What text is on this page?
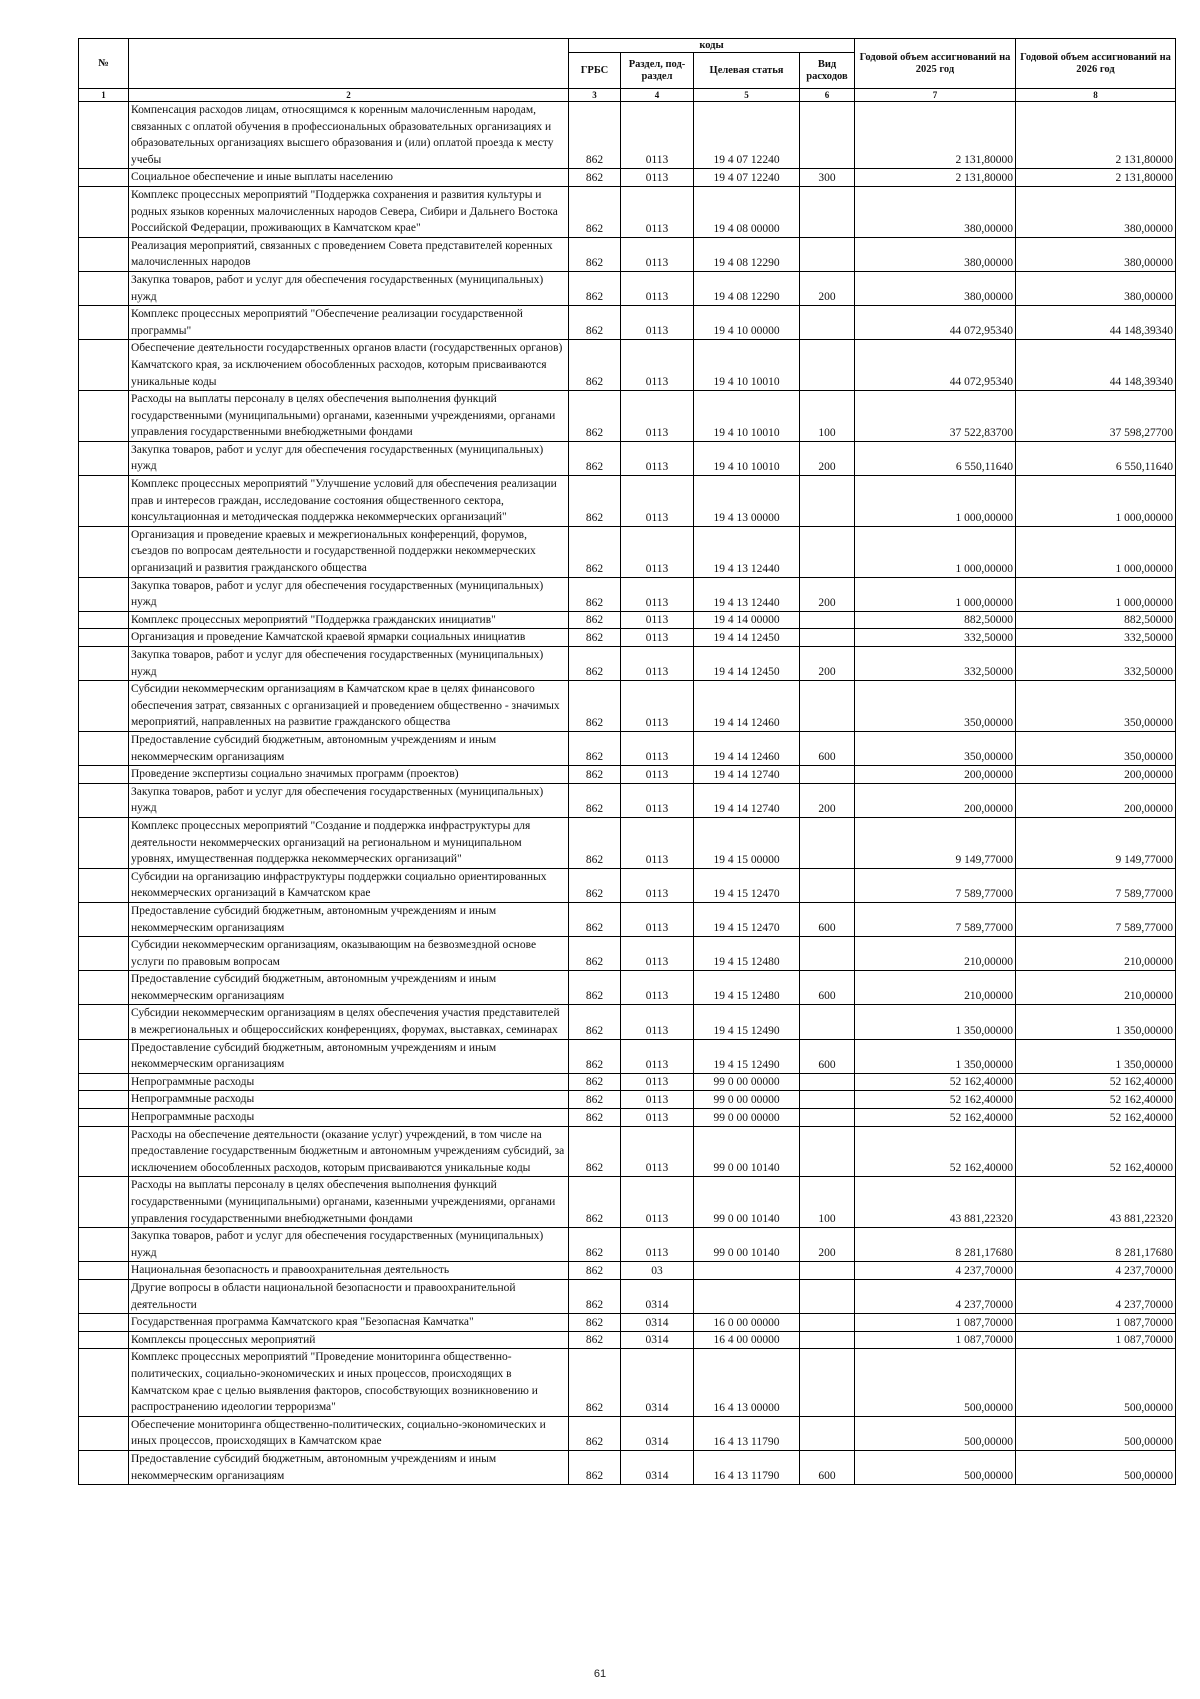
№		коды				Годовой объем ассигнований на 2025 год	Годовой объем ассигнований на 2026 год
		ГРБС	Раздел, под-раздел	Целевая статья	Вид расходов		
1	2	3	4	5	6	7	8
	Компенсация расходов лицам, относящимся к коренным малочисленным народам, связанных с оплатой обучения в профессиональных образовательных организациях и образовательных организациях высшего образования и (или) оплатой проезда к месту учебы	862	0113	19 4 07 12240		2 131,80000	2 131,80000
	Социальное обеспечение и иные выплаты населению	862	0113	19 4 07 12240	300	2 131,80000	2 131,80000
	Комплекс процессных мероприятий "Поддержка сохранения и развития культуры и родных языков коренных малочисленных народов Севера, Сибири и Дальнего Востока Российской Федерации, проживающих в Камчатском крае"	862	0113	19 4 08 00000		380,00000	380,00000
	Реализация мероприятий, связанных с проведением Совета представителей коренных малочисленных народов	862	0113	19 4 08 12290		380,00000	380,00000
	Закупка товаров, работ и услуг для обеспечения государственных (муниципальных) нужд	862	0113	19 4 08 12290	200	380,00000	380,00000
	Комплекс процессных мероприятий "Обеспечение реализации государственной программы"	862	0113	19 4 10 00000		44 072,95340	44 148,39340
	Обеспечение деятельности государственных органов власти (государственных органов) Камчатского края, за исключением обособленных расходов, которым присваиваются уникальные коды	862	0113	19 4 10 10010		44 072,95340	44 148,39340
	Расходы на выплаты персоналу в целях обеспечения выполнения функций государственными (муниципальными) органами, казенными учреждениями, органами управления государственными внебюджетными фондами	862	0113	19 4 10 10010	100	37 522,83700	37 598,27700
	Закупка товаров, работ и услуг для обеспечения государственных (муниципальных) нужд	862	0113	19 4 10 10010	200	6 550,11640	6 550,11640
	Комплекс процессных мероприятий "Улучшение условий для обеспечения реализации прав и интересов граждан, исследование состояния общественного сектора, консультационная и методическая поддержка некоммерческих организаций"	862	0113	19 4 13 00000		1 000,00000	1 000,00000
	Организация и проведение краевых и межрегиональных конференций, форумов, съездов по вопросам деятельности и государственной поддержки некоммерческих организаций и развития гражданского общества	862	0113	19 4 13 12440		1 000,00000	1 000,00000
	Закупка товаров, работ и услуг для обеспечения государственных (муниципальных) нужд	862	0113	19 4 13 12440	200	1 000,00000	1 000,00000
	Комплекс процессных мероприятий "Поддержка гражданских инициатив"	862	0113	19 4 14 00000		882,50000	882,50000
	Организация и проведение Камчатской краевой ярмарки социальных инициатив	862	0113	19 4 14 12450		332,50000	332,50000
	Закупка товаров, работ и услуг для обеспечения государственных (муниципальных) нужд	862	0113	19 4 14 12450	200	332,50000	332,50000
	Субсидии некоммерческим организациям в Камчатском крае в целях финансового обеспечения затрат, связанных с организацией и проведением общественно - значимых мероприятий, направленных на развитие гражданского общества	862	0113	19 4 14 12460		350,00000	350,00000
	Предоставление субсидий бюджетным, автономным учреждениям и иным некоммерческим организациям	862	0113	19 4 14 12460	600	350,00000	350,00000
	Проведение экспертизы социально значимых программ (проектов)	862	0113	19 4 14 12740		200,00000	200,00000
	Закупка товаров, работ и услуг для обеспечения государственных (муниципальных) нужд	862	0113	19 4 14 12740	200	200,00000	200,00000
	Комплекс процессных мероприятий "Создание и поддержка инфраструктуры для деятельности некоммерческих организаций на региональном и муниципальном уровнях, имущественная поддержка некоммерческих организаций"	862	0113	19 4 15 00000		9 149,77000	9 149,77000
	Субсидии на организацию инфраструктуры поддержки социально ориентированных некоммерческих организаций в Камчатском крае	862	0113	19 4 15 12470		7 589,77000	7 589,77000
	Предоставление субсидий бюджетным, автономным учреждениям и иным некоммерческим организациям	862	0113	19 4 15 12470	600	7 589,77000	7 589,77000
	Субсидии некоммерческим организациям, оказывающим на безвозмездной основе услуги по правовым вопросам	862	0113	19 4 15 12480		210,00000	210,00000
	Предоставление субсидий бюджетным, автономным учреждениям и иным некоммерческим организациям	862	0113	19 4 15 12480	600	210,00000	210,00000
	Субсидии некоммерческим организациям в целях обеспечения участия представителей в межрегиональных и общероссийских конференциях, форумах, выставках, семинарах	862	0113	19 4 15 12490		1 350,00000	1 350,00000
	Предоставление субсидий бюджетным, автономным учреждениям и иным некоммерческим организациям	862	0113	19 4 15 12490	600	1 350,00000	1 350,00000
	Непрограммные расходы	862	0113	99 0 00 00000		52 162,40000	52 162,40000
	Непрограммные расходы	862	0113	99 0 00 00000		52 162,40000	52 162,40000
	Непрограммные расходы	862	0113	99 0 00 00000		52 162,40000	52 162,40000
	Расходы на обеспечение деятельности (оказание услуг) учреждений, в том числе на предоставление государственным бюджетным и автономным учреждениям субсидий, за исключением обособленных расходов, которым присваиваются уникальные коды	862	0113	99 0 00 10140		52 162,40000	52 162,40000
	Расходы на выплаты персоналу в целях обеспечения выполнения функций государственными (муниципальными) органами, казенными учреждениями, органами управления государственными внебюджетными фондами	862	0113	99 0 00 10140	100	43 881,22320	43 881,22320
	Закупка товаров, работ и услуг для обеспечения государственных (муниципальных) нужд	862	0113	99 0 00 10140	200	8 281,17680	8 281,17680
	Национальная безопасность и правоохранительная деятельность	862	03			4 237,70000	4 237,70000
	Другие вопросы в области национальной безопасности и правоохранительной деятельности	862	0314			4 237,70000	4 237,70000
	Государственная программа Камчатского края "Безопасная Камчатка"	862	0314	16 0 00 00000		1 087,70000	1 087,70000
	Комплексы процессных мероприятий	862	0314	16 4 00 00000		1 087,70000	1 087,70000
	Комплекс процессных мероприятий "Проведение мониторинга общественно-политических, социально-экономических и иных процессов, происходящих в Камчатском крае с целью выявления факторов, способствующих возникновению и распространению идеологии терроризма"	862	0314	16 4 13 00000		500,00000	500,00000
	Обеспечение мониторинга общественно-политических, социально-экономических и иных процессов, происходящих в Камчатском крае	862	0314	16 4 13 11790		500,00000	500,00000
	Предоставление субсидий бюджетным, автономным учреждениям и иным некоммерческим организациям	862	0314	16 4 13 11790	600	500,00000	500,00000
61
